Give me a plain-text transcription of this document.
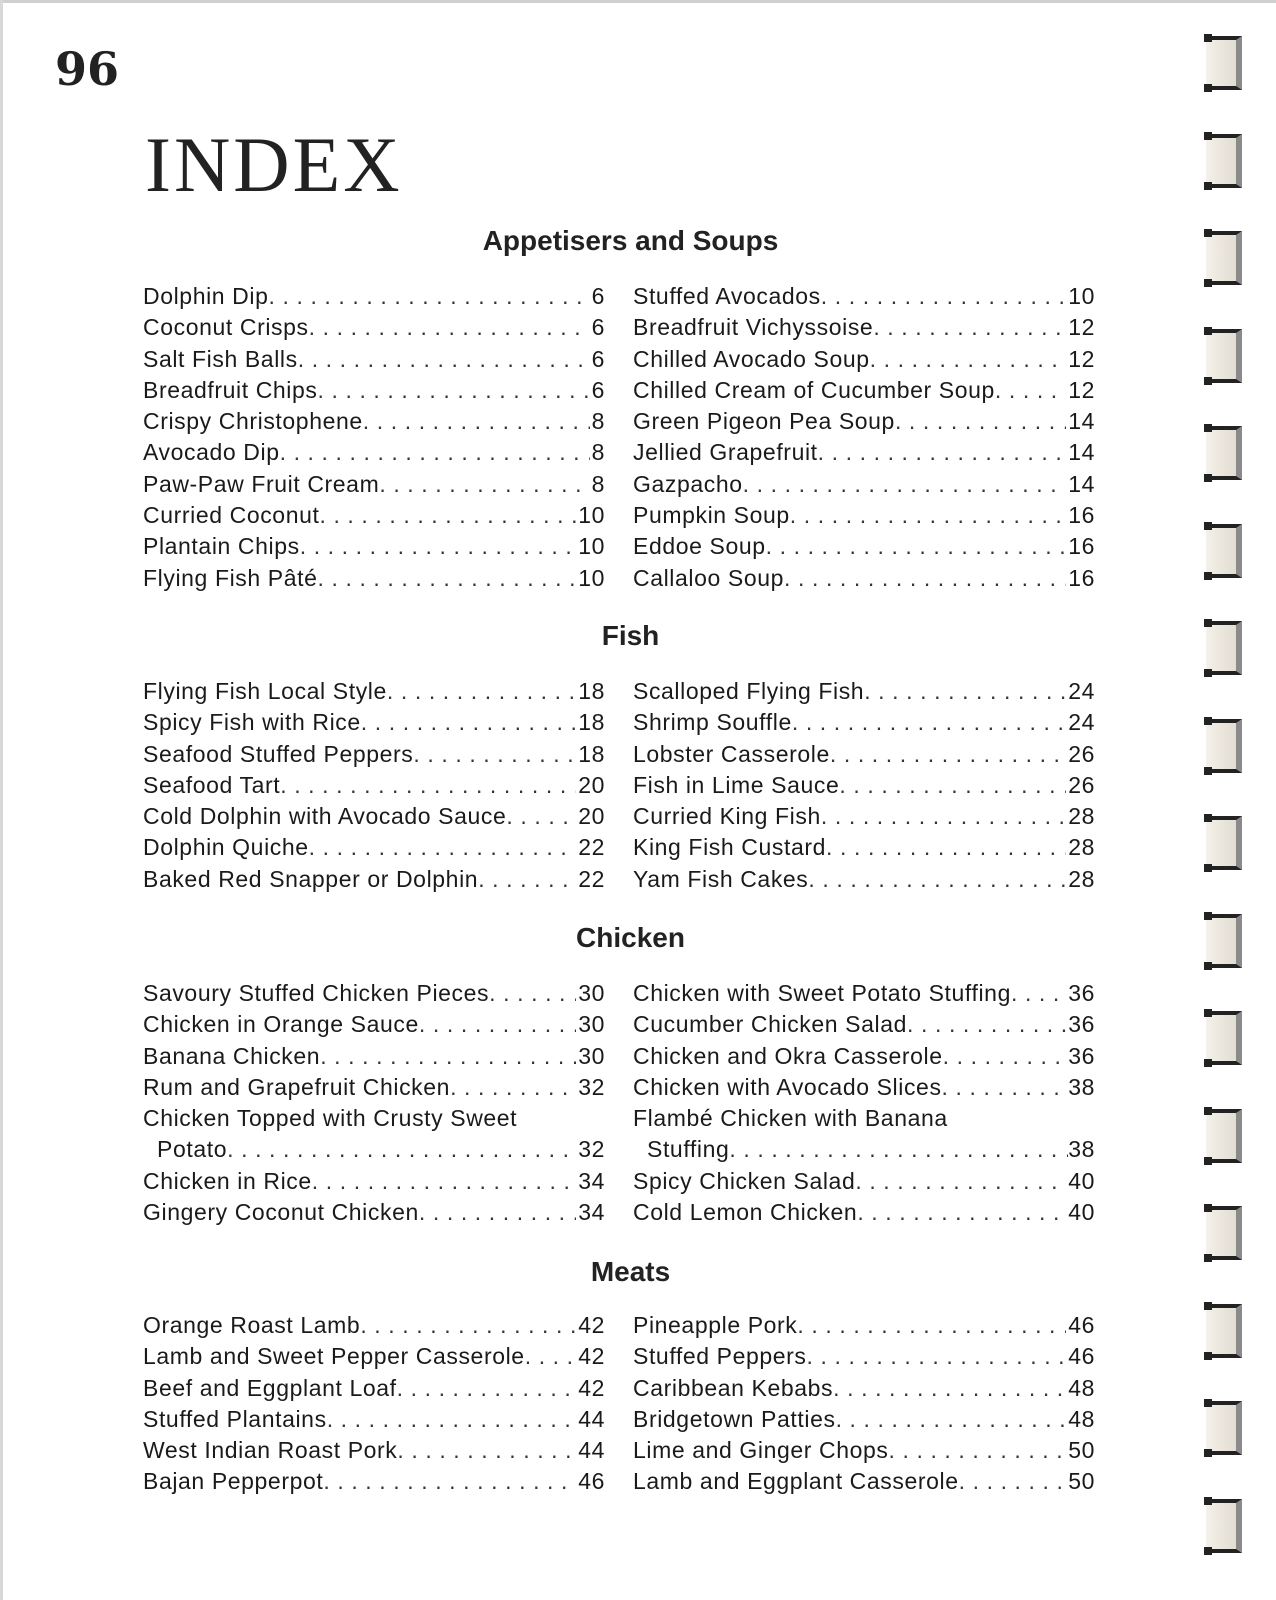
96
INDEX
Appetisers and Soups
Dolphin Dip . . .	6
Coconut Crisps . . .	6
Salt Fish Balls . . .	6
Breadfruit Chips . . .	6
Crispy Christophene . . .	8
Avocado Dip . . .	8
Paw-Paw Fruit Cream . . .	8
Curried Coconut . . .	10
Plantain Chips . . .	10
Flying Fish Pâté . . .	10
Stuffed Avocados . . .	10
Breadfruit Vichyssoise . . .	12
Chilled Avocado Soup . . .	12
Chilled Cream of Cucumber Soup . . .	12
Green Pigeon Pea Soup . . .	14
Jellied Grapefruit . . .	14
Gazpacho . . .	14
Pumpkin Soup . . .	16
Eddoe Soup . . .	16
Callaloo Soup . . .	16
Fish
Flying Fish Local Style . . .	18
Spicy Fish with Rice . . .	18
Seafood Stuffed Peppers . . .	18
Seafood Tart . . .	20
Cold Dolphin with Avocado Sauce . . .	20
Dolphin Quiche . . .	22
Baked Red Snapper or Dolphin . . .	22
Scalloped Flying Fish . . .	24
Shrimp Souffle . . .	24
Lobster Casserole . . .	26
Fish in Lime Sauce . . .	26
Curried King Fish . . .	28
King Fish Custard . . .	28
Yam Fish Cakes . . .	28
Chicken
Savoury Stuffed Chicken Pieces . . .	30
Chicken in Orange Sauce . . .	30
Banana Chicken . . .	30
Rum and Grapefruit Chicken . . .	32
Chicken Topped with Crusty Sweet
Potato . . .	32
Chicken in Rice . . .	34
Gingery Coconut Chicken . . .	34
Chicken with Sweet Potato Stuffing . . . 36
Cucumber Chicken Salad . . .	36
Chicken and Okra Casserole . . .	36
Chicken with Avocado Slices . . .	38
Flambé Chicken with Banana
Stuffing . . .	38
Spicy Chicken Salad . . .	40
Cold Lemon Chicken . . .	40
Meats
Orange Roast Lamb . . .	42
Lamb and Sweet Pepper Casserole . . . 42
Beef and Eggplant Loaf . . .	42
Stuffed Plantains . . .	44
West Indian Roast Pork . . .	44
Bajan Pepperpot . . .	46
Pineapple Pork . . .	46
Stuffed Peppers . . .	46
Caribbean Kebabs . . .	48
Bridgetown Patties . . .	48
Lime and Ginger Chops . . .	50
Lamb and Eggplant Casserole . . .	50
